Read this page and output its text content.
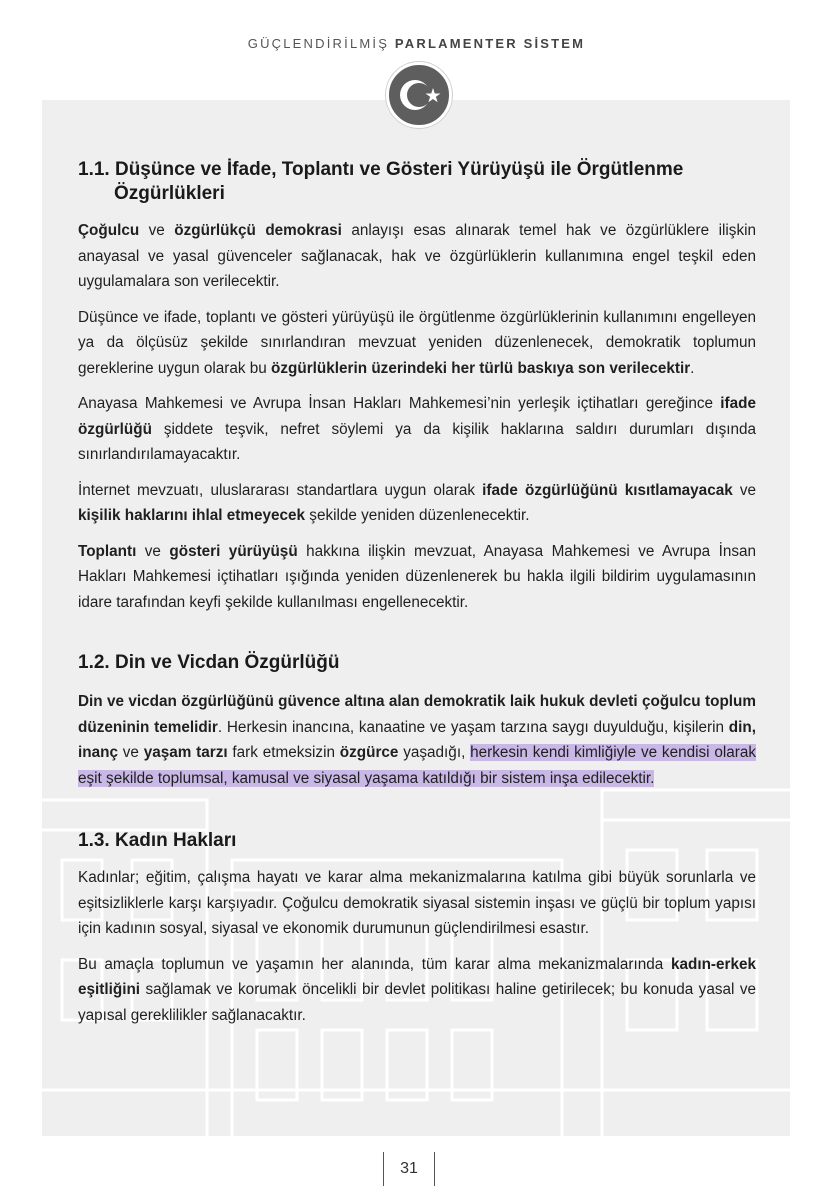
GÜÇLENDİRİLMİŞ PARLAMENTER SİSTEM
1.1. Düşünce ve İfade, Toplantı ve Gösteri Yürüyüşü ile Örgütlenme Özgürlükleri

Çoğulcu ve özgürlükçü demokrasi anlayışı esas alınarak temel hak ve özgürlüklere ilişkin anayasal ve yasal güvenceler sağlanacak, hak ve özgürlüklerin kullanımına engel teşkil eden uygulamalara son verilecektir.

Düşünce ve ifade, toplantı ve gösteri yürüyüşü ile örgütlenme özgürlüklerinin kullanımını engelleyen ya da ölçüsüz şekilde sınırlandıran mevzuat yeniden düzenlenecek, demokratik toplumun gereklerine uygun olarak bu özgürlüklerin üzerindeki her türlü baskıya son verilecektir.

Anayasa Mahkemesi ve Avrupa İnsan Hakları Mahkemesi’nin yerleşik içtihatları gereğince ifade özgürlüğü şiddete teşvik, nefret söylemi ya da kişilik haklarına saldırı durumları dışında sınırlandırılamayacaktır.

İnternet mevzuatı, uluslararası standartlara uygun olarak ifade özgürlüğünü kısıtlamayacak ve kişilik haklarını ihlal etmeyecek şekilde yeniden düzenlenecektir.

Toplantı ve gösteri yürüyüşü hakkına ilişkin mevzuat, Anayasa Mahkemesi ve Avrupa İnsan Hakları Mahkemesi içtihatları ışığında yeniden düzenlenerek bu hakla ilgili bildirim uygulamasının idare tarafından keyfi şekilde kullanılması engellenecektir.

1.2. Din ve Vicdan Özgürlüğü

Din ve vicdan özgürlüğünü güvence altına alan demokratik laik hukuk devleti çoğulcu toplum düzeninin temelidir. Herkesin inancına, kanaatine ve yaşam tarzına saygı duyulduğu, kişilerin din, inanç ve yaşam tarzı fark etmeksizin özgürce yaşadığı, herkesin kendi kimliğiyle ve kendisi olarak eşit şekilde toplumsal, kamusal ve siyasal yaşama katıldığı bir sistem inşa edilecektir.

1.3. Kadın Hakları

Kadınlar; eğitim, çalışma hayatı ve karar alma mekanizmalarına katılma gibi büyük sorunlarla ve eşitsizliklerle karşı karşıyadır. Çoğulcu demokratik siyasal sistemin inşası ve güçlü bir toplum yapısı için kadının sosyal, siyasal ve ekonomik durumunun güçlendirilmesi esastır.

Bu amaçla toplumun ve yaşamın her alanında, tüm karar alma mekanizmalarında kadın-erkek eşitliğini sağlamak ve korumak öncelikli bir devlet politikası haline getirilecek; bu konuda yasal ve yapısal gereklilikler sağlanacaktır.

31
